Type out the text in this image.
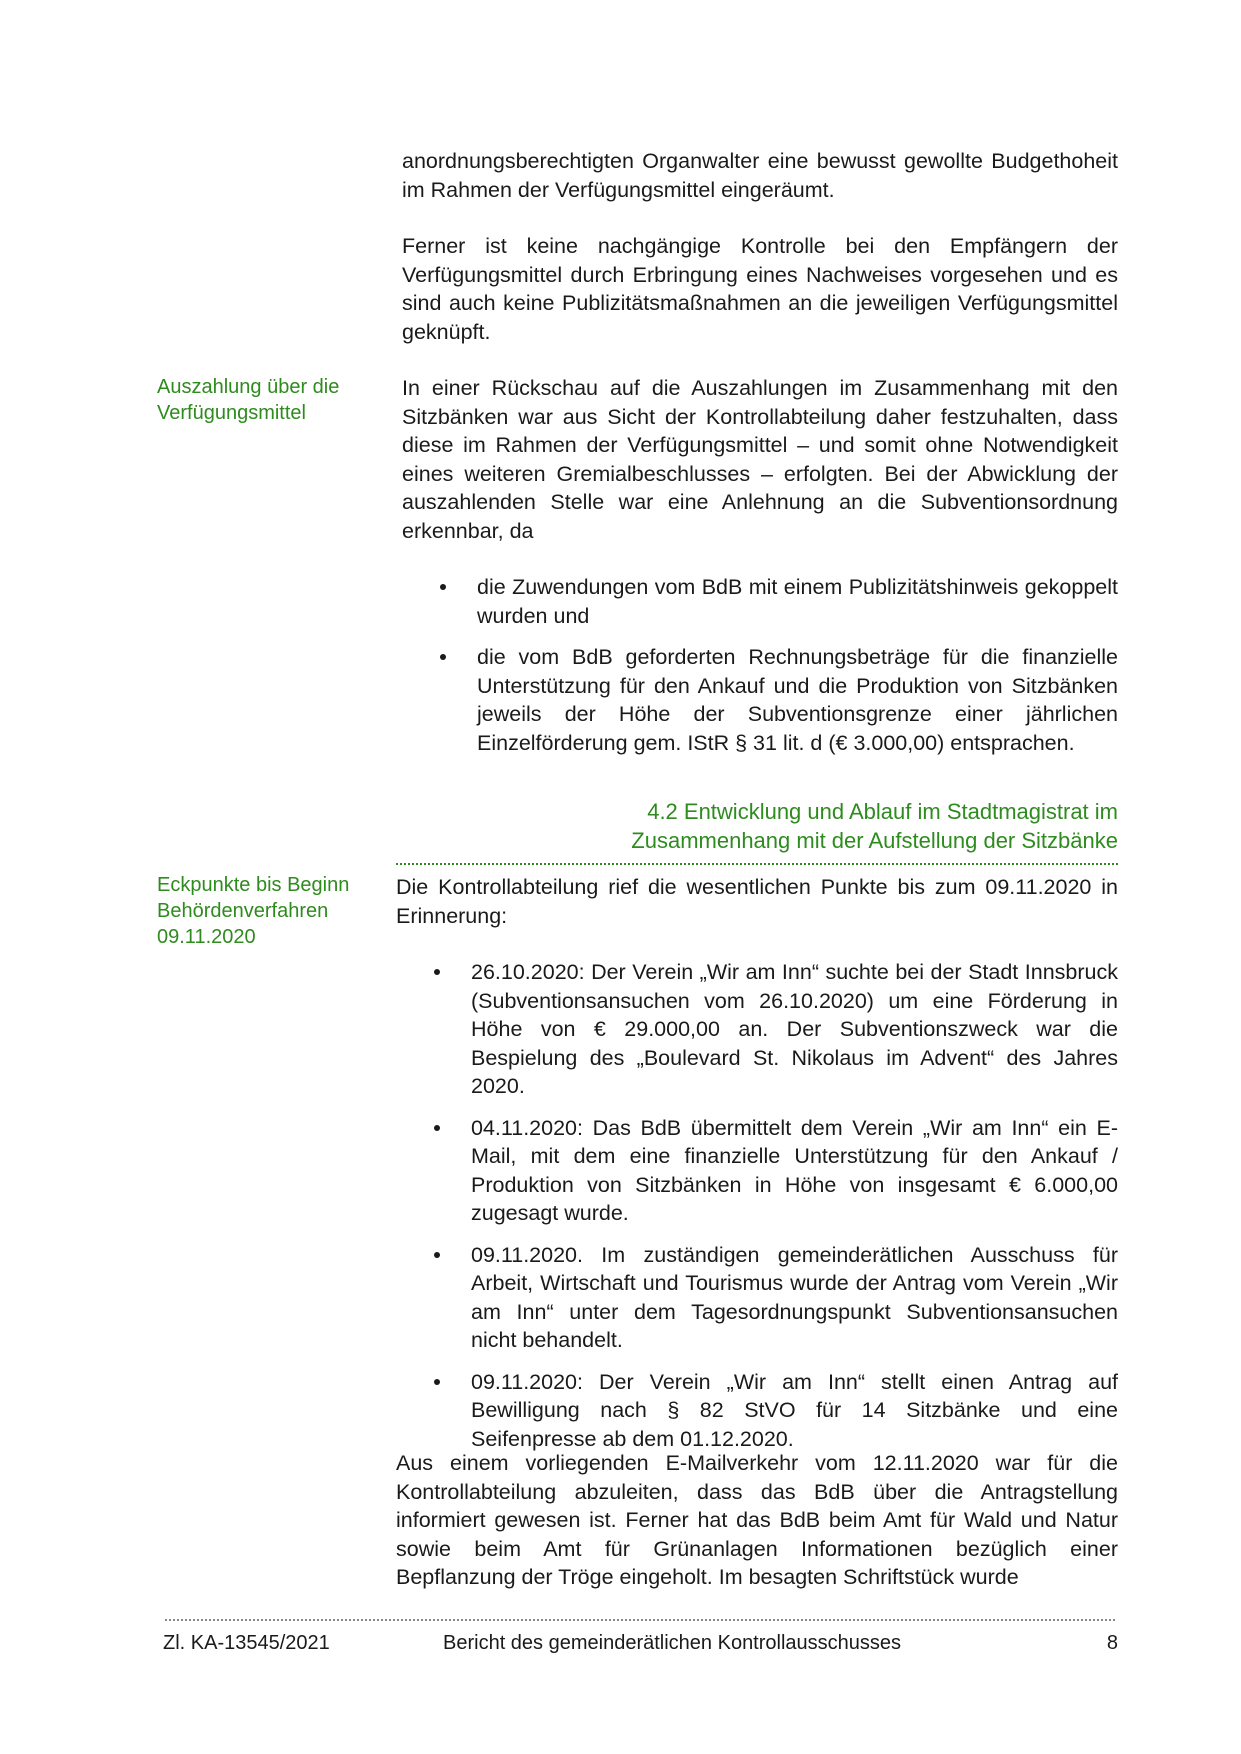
anordnungsberechtigten Organwalter eine bewusst gewollte Budgethoheit im Rahmen der Verfügungsmittel eingeräumt.

Ferner ist keine nachgängige Kontrolle bei den Empfängern der Verfügungsmittel durch Erbringung eines Nachweises vorgesehen und es sind auch keine Publizitätsmaßnahmen an die jeweiligen Verfügungsmittel geknüpft.

Auszahlung über die Verfügungsmittel

In einer Rückschau auf die Auszahlungen im Zusammenhang mit den Sitzbänken war aus Sicht der Kontrollabteilung daher festzuhalten, dass diese im Rahmen der Verfügungsmittel – und somit ohne Notwendigkeit eines weiteren Gremialbeschlusses – erfolgten. Bei der Abwicklung der auszahlenden Stelle war eine Anlehnung an die Subventionsordnung erkennbar, da

die Zuwendungen vom BdB mit einem Publizitätshinweis gekoppelt wurden und
die vom BdB geforderten Rechnungsbeträge für die finanzielle Unterstützung für den Ankauf und die Produktion von Sitzbänken jeweils der Höhe der Subventionsgrenze einer jährlichen Einzelförderung gem. IStR § 31 lit. d (€ 3.000,00) entsprachen.
4.2 Entwicklung und Ablauf im Stadtmagistrat im
Zusammenhang mit der Aufstellung der Sitzbänke
Eckpunkte bis Beginn
Behördenverfahren
09.11.2020

Die Kontrollabteilung rief die wesentlichen Punkte bis zum 09.11.2020 in Erinnerung:

26.10.2020: Der Verein „Wir am Inn“ suchte bei der Stadt Innsbruck (Subventionsansuchen vom 26.10.2020) um eine Förderung in Höhe von € 29.000,00 an. Der Subventionszweck war die Bespielung des „Boulevard St. Nikolaus im Advent“ des Jahres 2020.
04.11.2020: Das BdB übermittelt dem Verein „Wir am Inn“ ein E-Mail, mit dem eine finanzielle Unterstützung für den Ankauf / Produktion von Sitzbänken in Höhe von insgesamt € 6.000,00 zugesagt wurde.
09.11.2020. Im zuständigen gemeinderätlichen Ausschuss für Arbeit, Wirtschaft und Tourismus wurde der Antrag vom Verein „Wir am Inn“ unter dem Tagesordnungspunkt Subventionsansuchen nicht behandelt.
09.11.2020: Der Verein „Wir am Inn“ stellt einen Antrag auf Bewilligung nach § 82 StVO für 14 Sitzbänke und eine Seifenpresse ab dem 01.12.2020.

Aus einem vorliegenden E-Mailverkehr vom 12.11.2020 war für die Kontrollabteilung abzuleiten, dass das BdB über die Antragstellung informiert gewesen ist. Ferner hat das BdB beim Amt für Wald und Natur sowie beim Amt für Grünanlagen Informationen bezüglich einer Bepflanzung der Tröge eingeholt. Im besagten Schriftstück wurde

Zl. KA-13545/2021	Bericht des gemeinderätlichen Kontrollausschusses	8
